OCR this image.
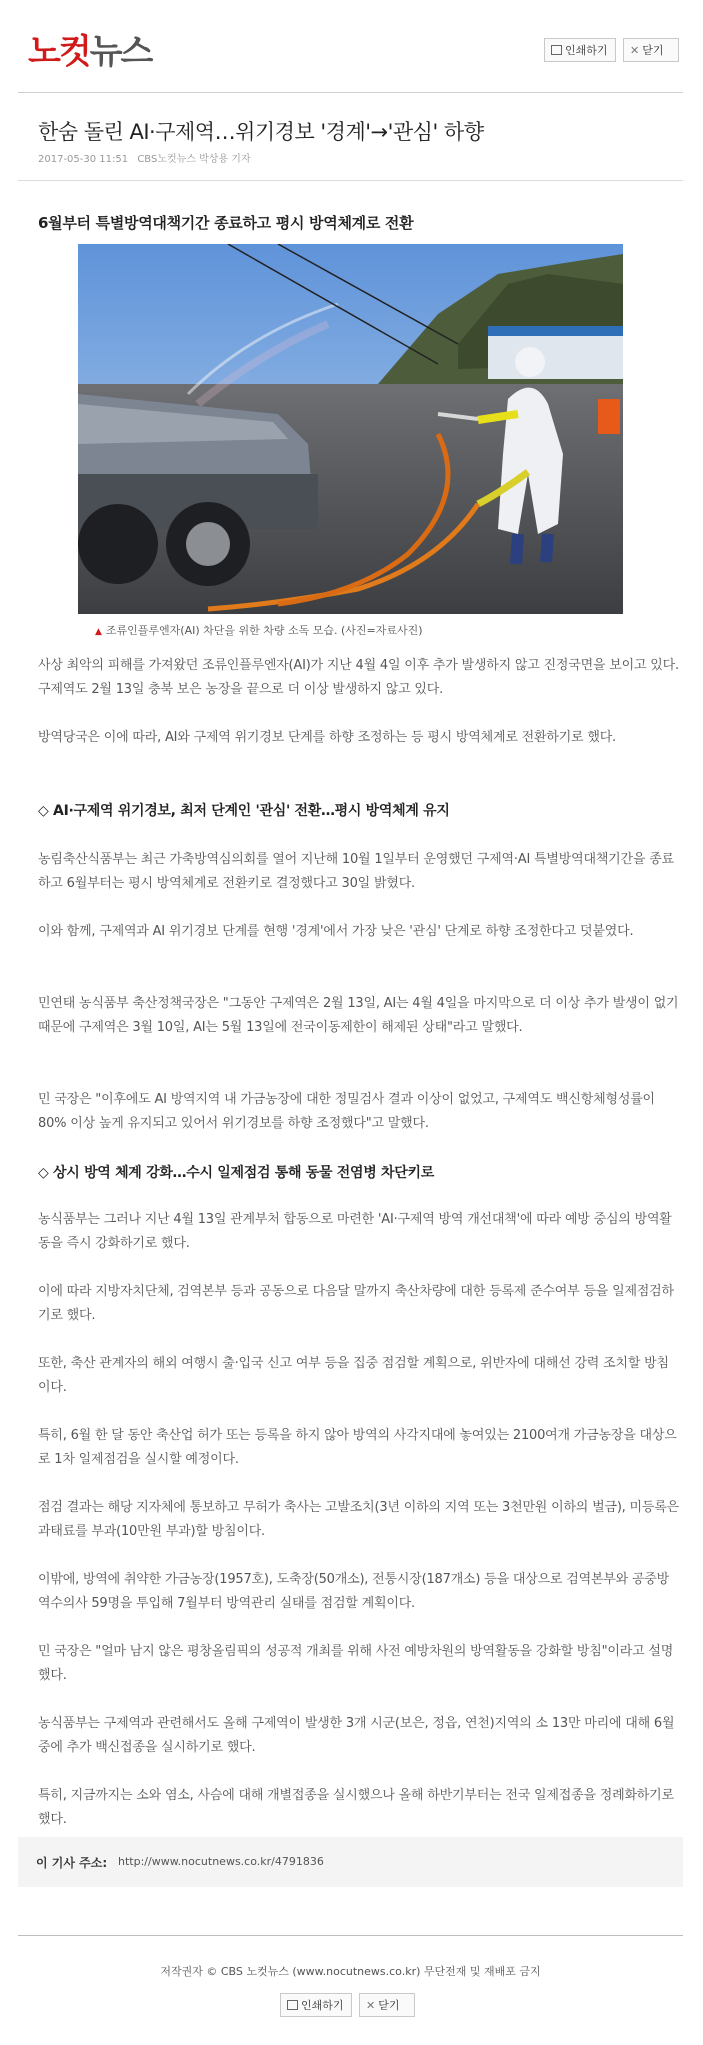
노컷뉴스	인쇄하기	✕ 닫기
한숨 돌린 AI·구제역…위기경보 '경계'→'관심' 하향
2017-05-30 11:51 CBS노컷뉴스 박상용 기자
6월부터 특별방역대책기간 종료하고 평시 방역체계로 전환
▲ 조류인플루엔자(AI) 차단을 위한 차량 소독 모습. (사진=자료사진)
사상 최악의 피해를 가져왔던 조류인플루엔자(AI)가 지난 4월 4일 이후 추가 발생하지 않고 진정국면을 보이고 있다. 구제역도 2월 13일 충북 보은 농장을 끝으로 더 이상 발생하지 않고 있다.
방역당국은 이에 따라, AI와 구제역 위기경보 단계를 하향 조정하는 등 평시 방역체계로 전환하기로 했다.
◇ AI·구제역 위기경보, 최저 단계인 '관심' 전환…평시 방역체계 유지
농림축산식품부는 최근 가축방역심의회를 열어 지난해 10월 1일부터 운영했던 구제역·AI 특별방역대책기간을 종료하고 6월부터는 평시 방역체계로 전환키로 결정했다고 30일 밝혔다.
이와 함께, 구제역과 AI 위기경보 단계를 현행 '경계'에서 가장 낮은 '관심' 단계로 하향 조정한다고 덧붙였다.
민연태 농식품부 축산정책국장은 "그동안 구제역은 2월 13일, AI는 4월 4일을 마지막으로 더 이상 추가 발생이 없기 때문에 구제역은 3월 10일, AI는 5월 13일에 전국이동제한이 해제된 상태"라고 말했다.
민 국장은 "이후에도 AI 방역지역 내 가금농장에 대한 정밀검사 결과 이상이 없었고, 구제역도 백신항체형성률이 80% 이상 높게 유지되고 있어서 위기경보를 하향 조정했다"고 말했다.
◇ 상시 방역 체계 강화…수시 일제점검 통해 동물 전염병 차단키로
농식품부는 그러나 지난 4월 13일 관계부처 합동으로 마련한 'AI·구제역 방역 개선대책'에 따라 예방 중심의 방역활동을 즉시 강화하기로 했다.
이에 따라 지방자치단체, 검역본부 등과 공동으로 다음달 말까지 축산차량에 대한 등록제 준수여부 등을 일제점검하기로 했다.
또한, 축산 관계자의 해외 여행시 출·입국 신고 여부 등을 집중 점검할 계획으로, 위반자에 대해선 강력 조치할 방침이다.
특히, 6월 한 달 동안 축산업 허가 또는 등록을 하지 않아 방역의 사각지대에 놓여있는 2100여개 가금농장을 대상으로 1차 일제점검을 실시할 예정이다.
점검 결과는 해당 지자체에 통보하고 무허가 축사는 고발조치(3년 이하의 지역 또는 3천만원 이하의 벌금), 미등록은 과태료를 부과(10만원 부과)할 방침이다.
이밖에, 방역에 취약한 가금농장(1957호), 도축장(50개소), 전통시장(187개소) 등을 대상으로 검역본부와 공중방역수의사 59명을 투입해 7월부터 방역관리 실태를 점검할 계획이다.
민 국장은 "얼마 남지 않은 평창올림픽의 성공적 개최를 위해 사전 예방차원의 방역활동을 강화할 방침"이라고 설명했다.
농식품부는 구제역과 관련해서도 올해 구제역이 발생한 3개 시군(보은, 정읍, 연천)지역의 소 13만 마리에 대해 6월중에 추가 백신접종을 실시하기로 했다.
특히, 지금까지는 소와 염소, 사슴에 대해 개별접종을 실시했으나 올해 하반기부터는 전국 일제접종을 정례화하기로 했다.
이 기사 주소: http://www.nocutnews.co.kr/4791836
저작권자 © CBS 노컷뉴스 (www.nocutnews.co.kr) 무단전재 및 재배포 금지
인쇄하기	✕ 닫기
